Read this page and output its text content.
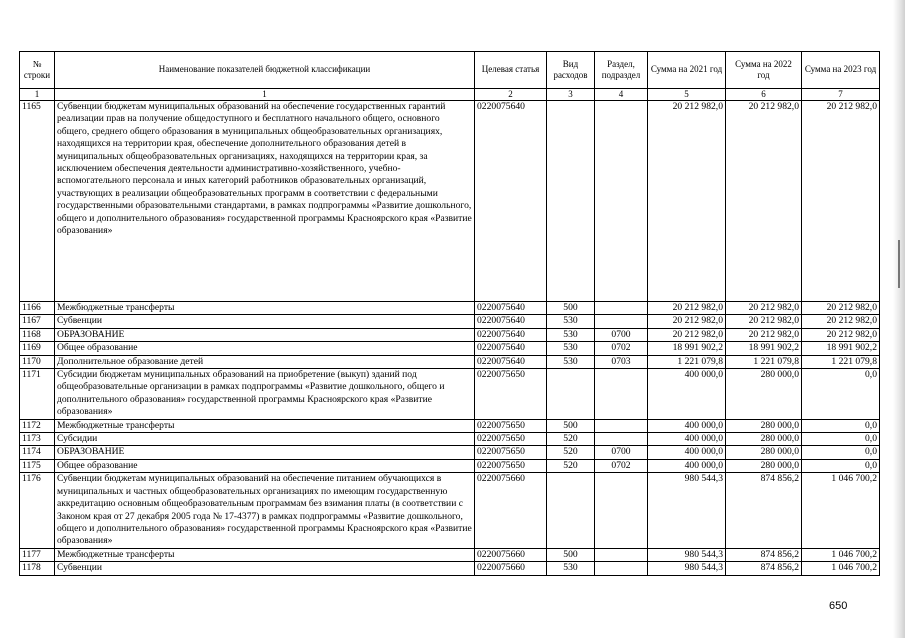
№ строки	Наименование показателей бюджетной классификации	Целевая статья	Вид расходов	Раздел, подраздел	Сумма на 2021 год	Сумма на 2022 год	Сумма на 2023 год
1	1	2	3	4	5	6	7
1165	Субвенции бюджетам муниципальных образований на обеспечение государственных гарантий реализации прав на получение общедоступного и бесплатного начального общего, основного общего, среднего общего образования в муниципальных общеобразовательных организациях, находящихся на территории края, обеспечение дополнительного образования детей в муниципальных общеобразовательных организациях, находящихся на территории края, за исключением обеспечения деятельности административно-хозяйственного, учебно-вспомогательного персонала и иных категорий работников образовательных организаций, участвующих в реализации общеобразовательных программ в соответствии с федеральными государственными образовательными стандартами, в рамках подпрограммы «Развитие дошкольного, общего и дополнительного образования» государственной программы Красноярского края «Развитие образования»	0220075640			20 212 982,0	20 212 982,0	20 212 982,0
1166	Межбюджетные трансферты	0220075640	500		20 212 982,0	20 212 982,0	20 212 982,0
1167	Субвенции	0220075640	530		20 212 982,0	20 212 982,0	20 212 982,0
1168	ОБРАЗОВАНИЕ	0220075640	530	0700	20 212 982,0	20 212 982,0	20 212 982,0
1169	Общее образование	0220075640	530	0702	18 991 902,2	18 991 902,2	18 991 902,2
1170	Дополнительное образование детей	0220075640	530	0703	1 221 079,8	1 221 079,8	1 221 079,8
1171	Субсидии бюджетам муниципальных образований на приобретение (выкуп) зданий под общеобразовательные организации в рамках подпрограммы «Развитие дошкольного, общего и дополнительного образования» государственной программы Красноярского края «Развитие образования»	0220075650			400 000,0	280 000,0	0,0
1172	Межбюджетные трансферты	0220075650	500		400 000,0	280 000,0	0,0
1173	Субсидии	0220075650	520		400 000,0	280 000,0	0,0
1174	ОБРАЗОВАНИЕ	0220075650	520	0700	400 000,0	280 000,0	0,0
1175	Общее образование	0220075650	520	0702	400 000,0	280 000,0	0,0
1176	Субвенции бюджетам муниципальных образований на обеспечение питанием обучающихся в муниципальных и частных общеобразовательных организациях по имеющим государственную аккредитацию основным общеобразовательным программам без взимания платы (в соответствии с Законом края от 27 декабря 2005 года № 17-4377) в рамках подпрограммы «Развитие дошкольного, общего и дополнительного образования» государственной программы Красноярского края «Развитие образования»	0220075660			980 544,3	874 856,2	1 046 700,2
1177	Межбюджетные трансферты	0220075660	500		980 544,3	874 856,2	1 046 700,2
1178	Субвенции	0220075660	530		980 544,3	874 856,2	1 046 700,2
650
